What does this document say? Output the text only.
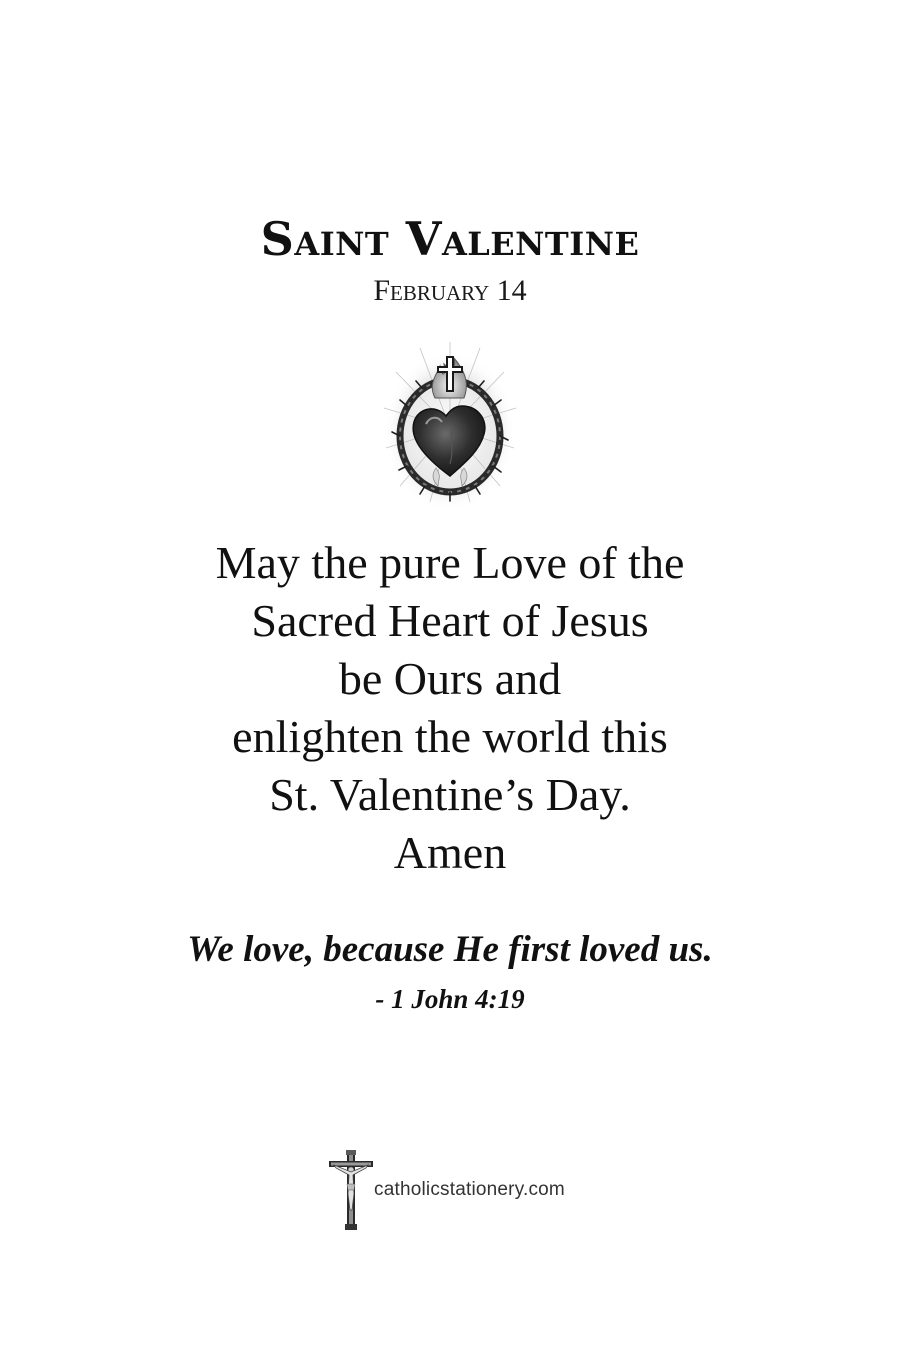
Saint Valentine
February 14
May the pure Love of the
Sacred Heart of Jesus
be Ours and
enlighten the world this
St. Valentine’s Day.
Amen
We love, because He first loved us.
- 1 John 4:19
catholicstationery.com
